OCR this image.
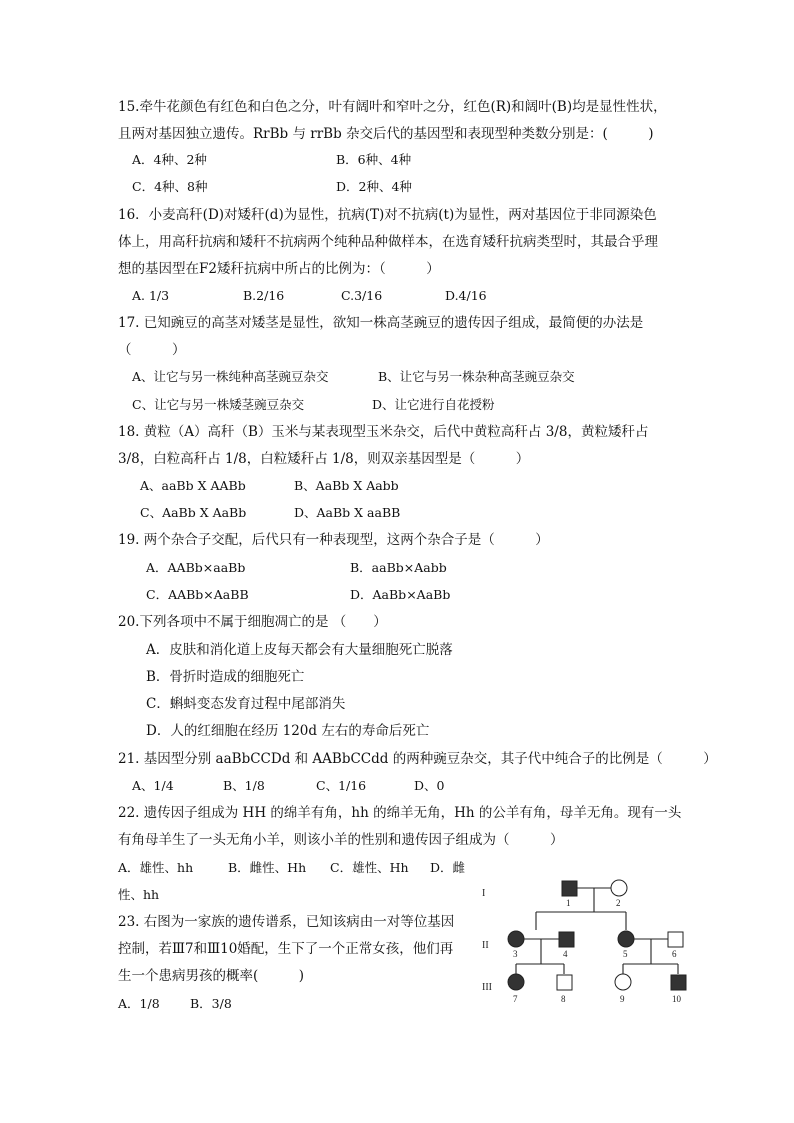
15.牵牛花颜色有红色和白色之分，叶有阔叶和窄叶之分，红色(R)和阔叶(B)均是显性性状，
且两对基因独立遗传。RrBb 与 rrBb 杂交后代的基因型和表现型种类数分别是：(　　　)
A．4种、2种	B．6种、4种
C．4种、8种	D．2种、4种
16．小麦高秆(D)对矮秆(d)为显性，抗病(T)对不抗病(t)为显性，两对基因位于非同源染色
体上，用高秆抗病和矮秆不抗病两个纯种品种做样本，在选育矮秆抗病类型时，其最合乎理
想的基因型在F2矮秆抗病中所占的比例为：（　　　）
A. 1/3	B.2/16	C.3/16	D.4/16
17. 已知豌豆的高茎对矮茎是显性，欲知一株高茎豌豆的遗传因子组成，最简便的办法是
（　　　）
A、让它与另一株纯种高茎豌豆杂交	B、让它与另一株杂种高茎豌豆杂交
C、让它与另一株矮茎豌豆杂交	D、让它进行自花授粉
18. 黄粒（A）高秆（B）玉米与某表现型玉米杂交，后代中黄粒高秆占 3/8，黄粒矮秆占
3/8，白粒高秆占 1/8，白粒矮秆占 1/8，则双亲基因型是（　　　）
A、aaBb X AABb	B、AaBb X Aabb
C、AaBb X AaBb	D、AaBb X aaBB
19. 两个杂合子交配，后代只有一种表现型，这两个杂合子是（　　　）
A．AABb×aaBb	B．aaBb×Aabb
C．AABb×AaBB	D．AaBb×AaBb
20.下列各项中不属于细胞凋亡的是 （　　）
A．皮肤和消化道上皮每天都会有大量细胞死亡脱落
B．骨折时造成的细胞死亡
C．蝌蚪变态发育过程中尾部消失
D．人的红细胞在经历 120d 左右的寿命后死亡
21. 基因型分别 aaBbCCDd 和 AABbCCdd 的两种豌豆杂交，其子代中纯合子的比例是（　　　）
A、1/4	B、1/8	C、1/16	D、0
22. 遗传因子组成为 HH 的绵羊有角，hh 的绵羊无角，Hh 的公羊有角，母羊无角。现有一头
有角母羊生了一头无角小羊，则该小羊的性别和遗传因子组成为（　　　）
A．雄性、hh	B．雌性、Hh C．雄性、Hh D．雌
性、hh
23. 右图为一家族的遗传谱系，已知该病由一对等位基因
控制，若Ⅲ7和Ⅲ10婚配，生下了一个正常女孩，他们再
生一个患病男孩的概率(　　　)
A．1/8 B．3/8
I
II
III
1	2
3	4	5	6
7	8	9	10
